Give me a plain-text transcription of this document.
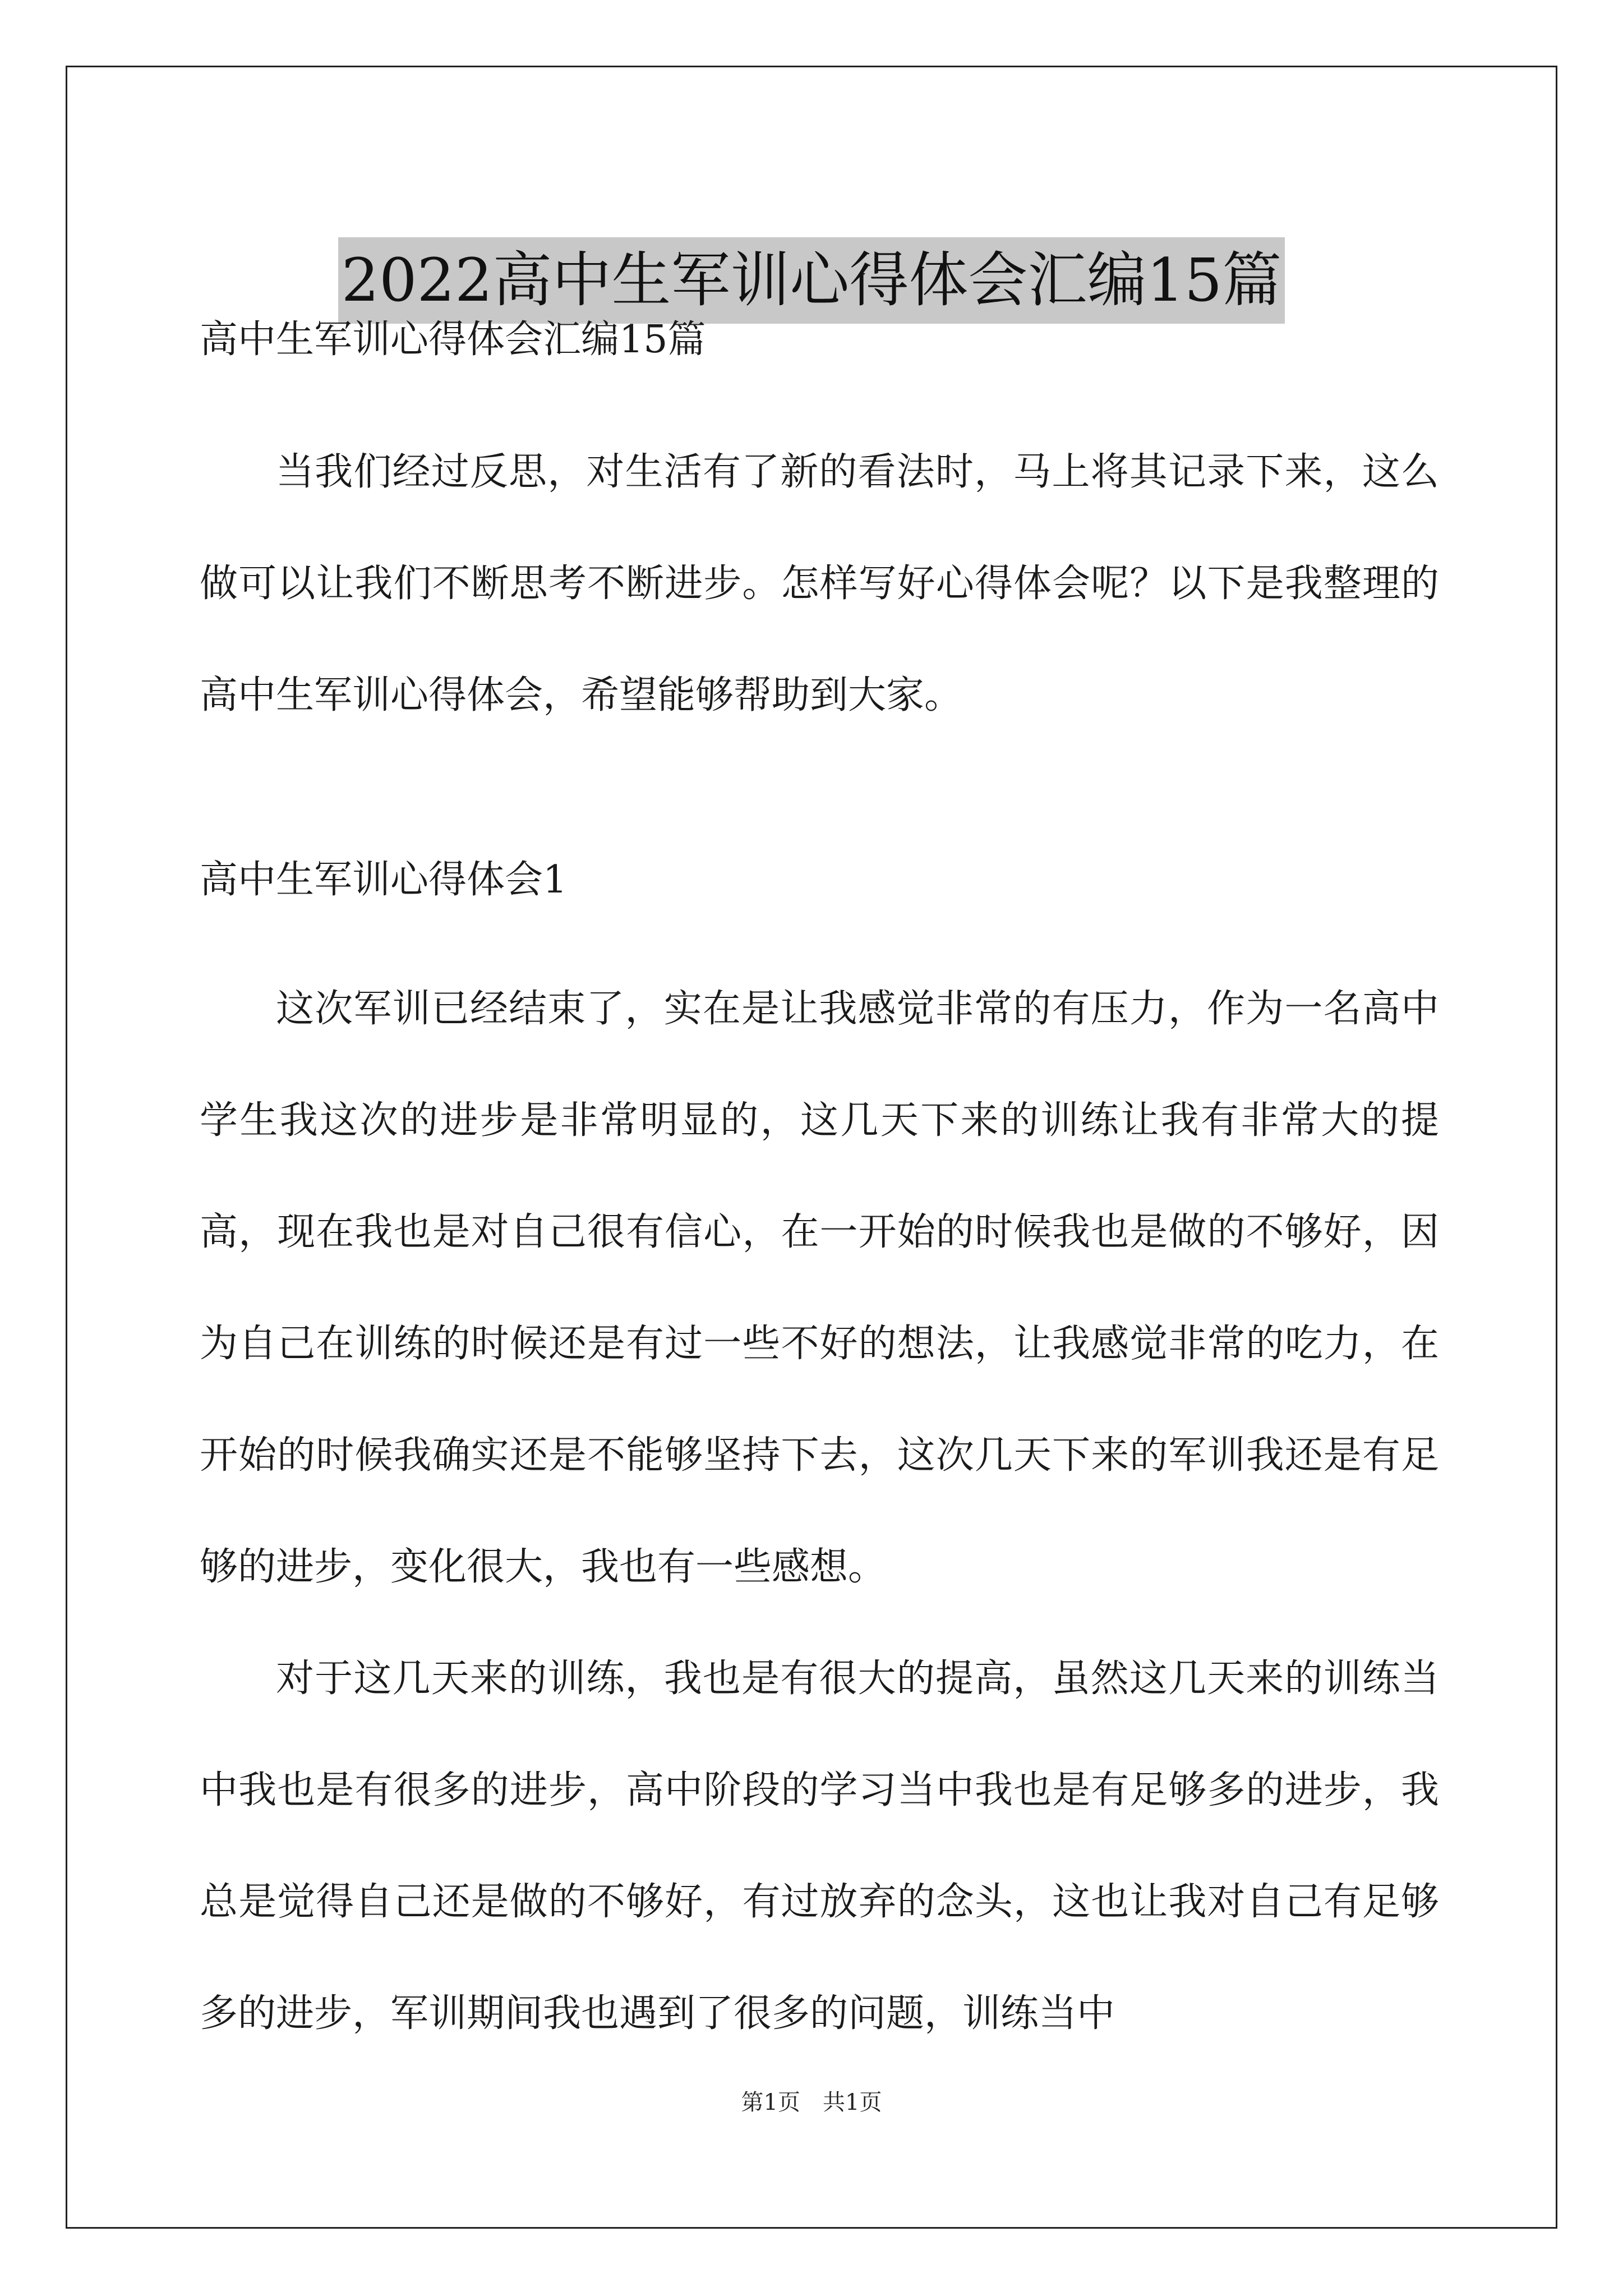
2022高中生军训心得体会汇编15篇

高中生军训心得体会汇编15篇

当我们经过反思，对生活有了新的看法时，马上将其记录下来，这么做可以让我们不断思考不断进步。怎样写好心得体会呢？以下是我整理的高中生军训心得体会，希望能够帮助到大家。

高中生军训心得体会1

这次军训已经结束了，实在是让我感觉非常的有压力，作为一名高中学生我这次的进步是非常明显的，这几天下来的训练让我有非常大的提高，现在我也是对自己很有信心，在一开始的时候我也是做的不够好，因为自己在训练的时候还是有过一些不好的想法，让我感觉非常的吃力，在开始的时候我确实还是不能够坚持下去，这次几天下来的军训我还是有足够的进步，变化很大，我也有一些感想。

对于这几天来的训练，我也是有很大的提高，虽然这几天来的训练当中我也是有很多的进步，高中阶段的学习当中我也是有足够多的进步，我总是觉得自己还是做的不够好，有过放弃的念头，这也让我对自己有足够多的进步，军训期间我也遇到了很多的问题，训练当中

第1页 共1页
